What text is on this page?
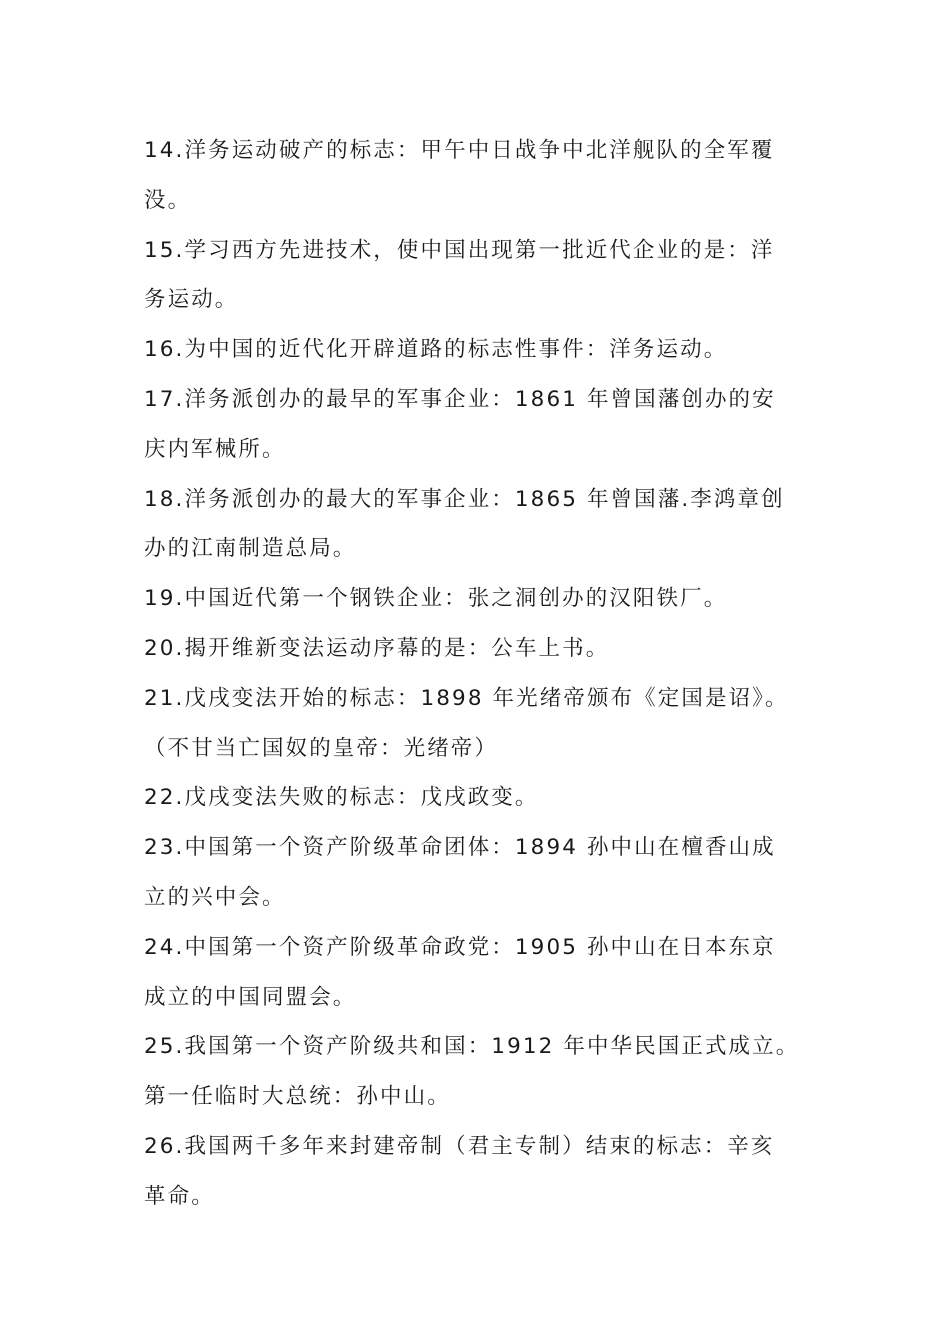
14.洋务运动破产的标志：甲午中日战争中北洋舰队的全军覆
没。
15.学习西方先进技术，使中国出现第一批近代企业的是：洋
务运动。
16.为中国的近代化开辟道路的标志性事件：洋务运动。
17.洋务派创办的最早的军事企业：1861 年曾国藩创办的安
庆内军械所。
18.洋务派创办的最大的军事企业：1865 年曾国藩.李鸿章创
办的江南制造总局。
19.中国近代第一个钢铁企业：张之洞创办的汉阳铁厂。
20.揭开维新变法运动序幕的是：公车上书。
21.戊戌变法开始的标志：1898 年光绪帝颁布《定国是诏》。
（不甘当亡国奴的皇帝：光绪帝）
22.戊戌变法失败的标志：戊戌政变。
23.中国第一个资产阶级革命团体：1894 孙中山在檀香山成
立的兴中会。
24.中国第一个资产阶级革命政党：1905 孙中山在日本东京
成立的中国同盟会。
25.我国第一个资产阶级共和国：1912 年中华民国正式成立。
第一任临时大总统：孙中山。
26.我国两千多年来封建帝制（君主专制）结束的标志：辛亥
革命。
